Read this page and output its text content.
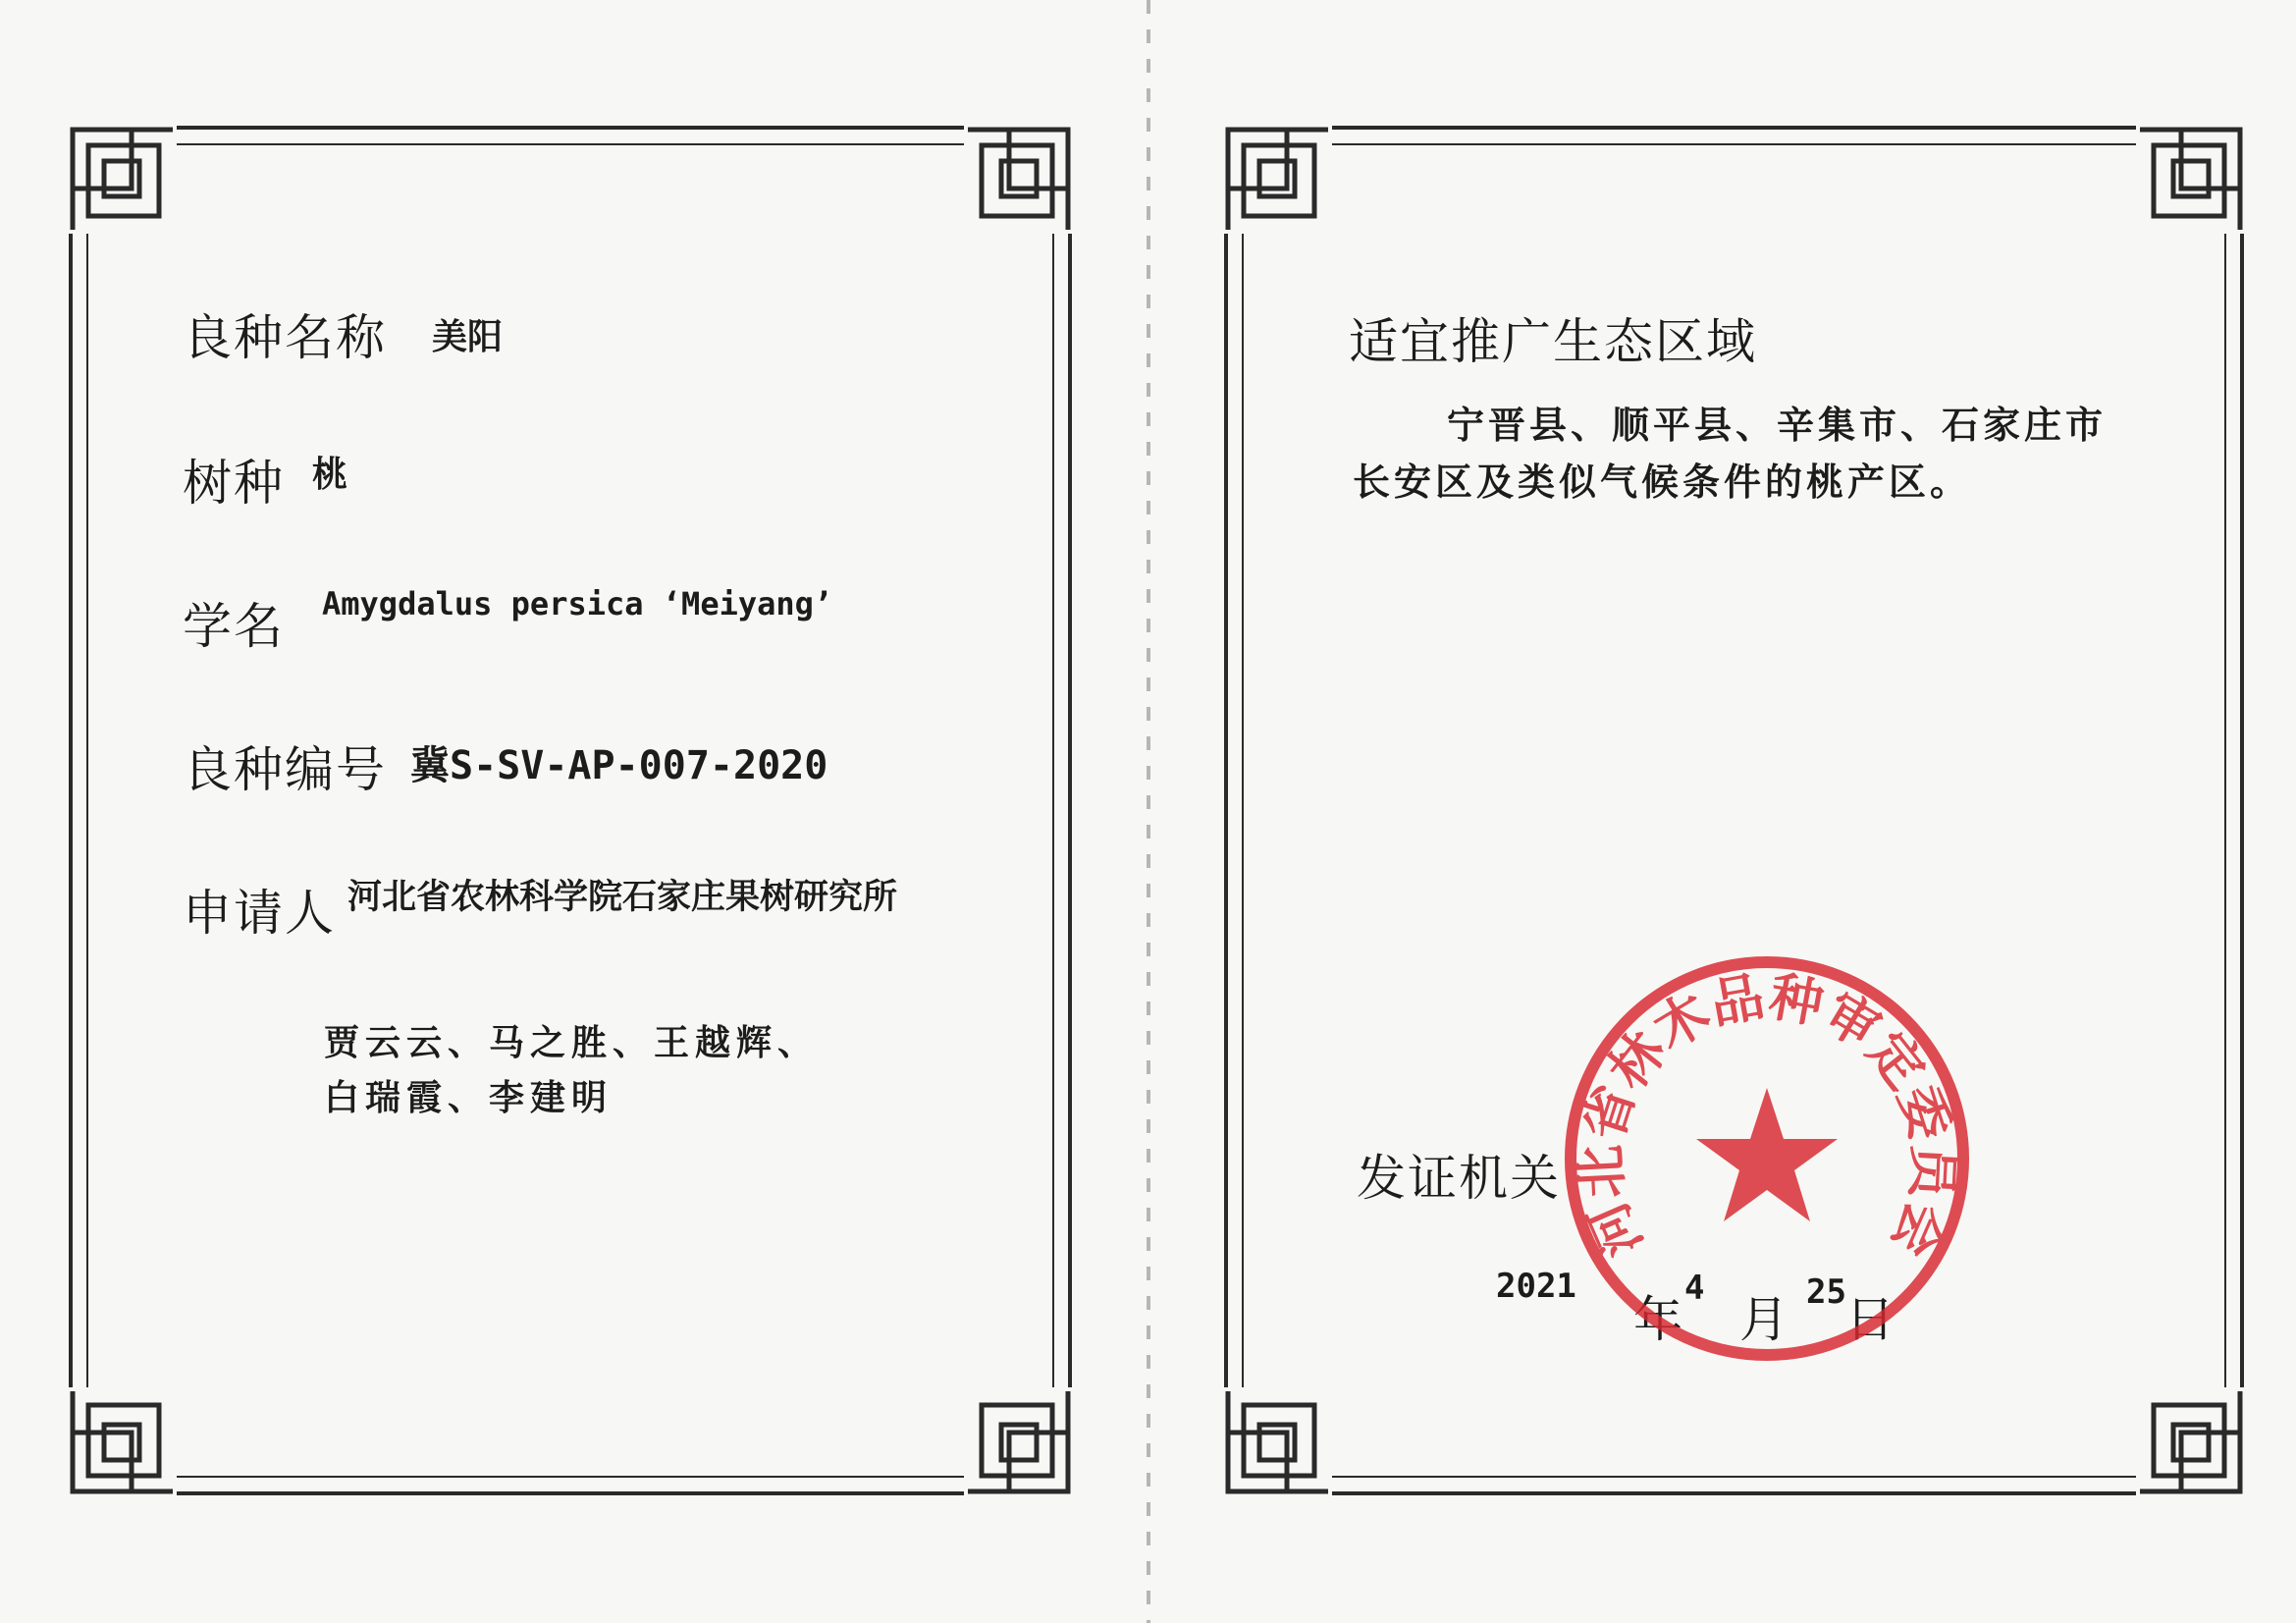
良种名称 美阳
树种 桃
学名 Amygdalus persica ‘Meiyang’
良种编号 冀S-SV-AP-007-2020
申请人 河北省农林科学院石家庄果树研究所
贾云云、马之胜、王越辉、
白瑞霞、李建明
适宜推广生态区域
宁晋县、顺平县、辛集市、石家庄市长安区及类似气候条件的桃产区。
发证机关
2021
年
4
月 25 日
河北省林木品种审定委员会
